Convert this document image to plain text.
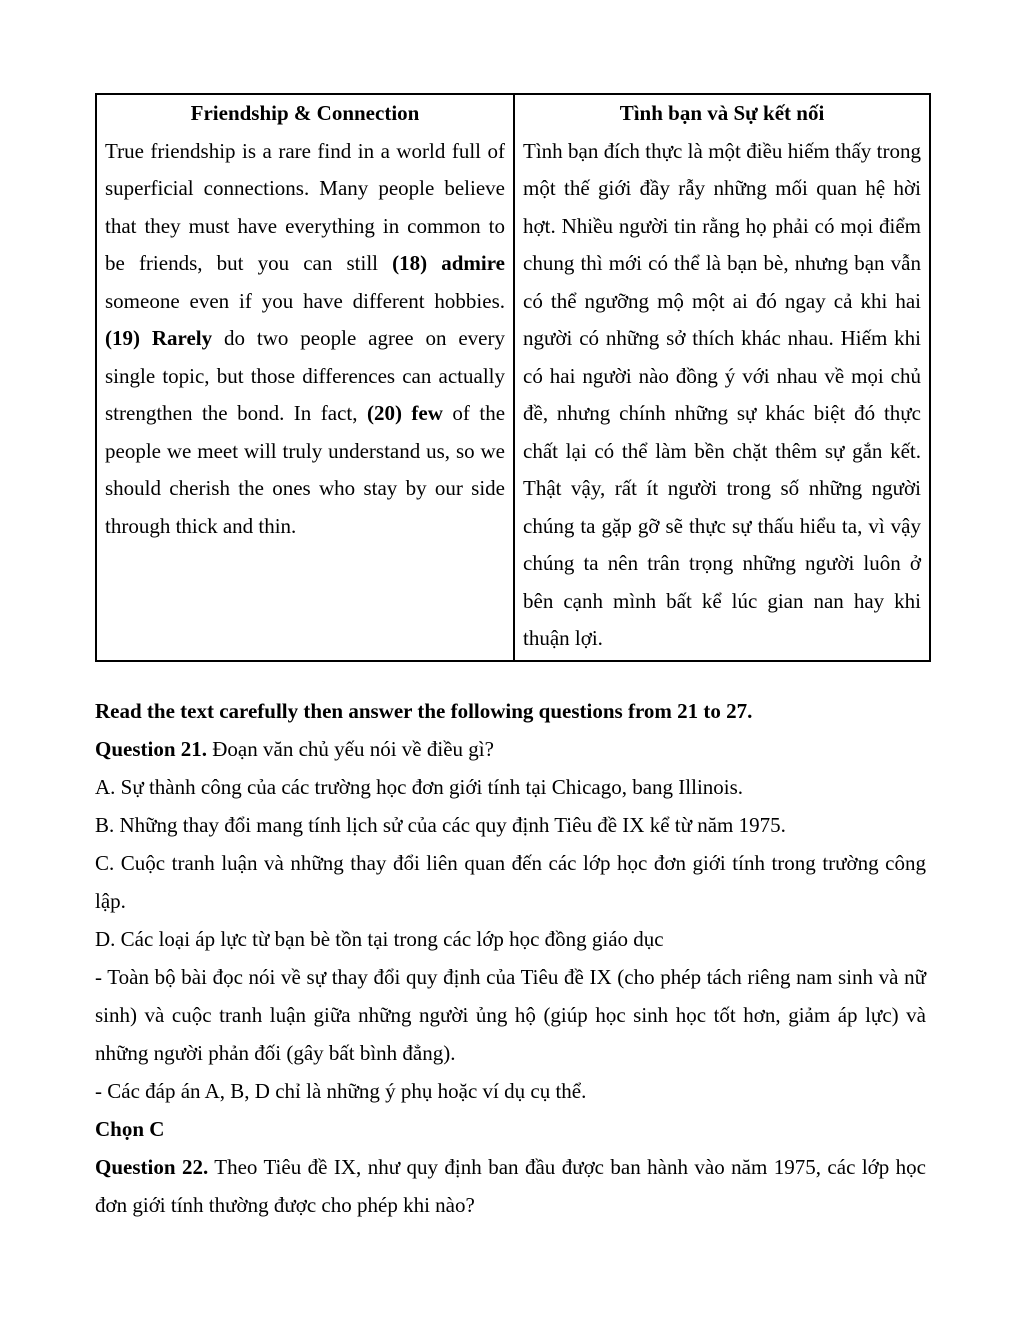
Friendship & Connection

True friendship is a rare find in a world full of superficial connections. Many people believe that they must have everything in common to be friends, but you can still (18) admire someone even if you have different hobbies. (19) Rarely do two people agree on every single topic, but those differences can actually strengthen the bond. In fact, (20) few of the people we meet will truly understand us, so we should cherish the ones who stay by our side through thick and thin.

Tình bạn và Sự kết nối

Tình bạn đích thực là một điều hiếm thấy trong một thế giới đầy rẫy những mối quan hệ hời hợt. Nhiều người tin rằng họ phải có mọi điểm chung thì mới có thể là bạn bè, nhưng bạn vẫn có thể ngưỡng mộ một ai đó ngay cả khi hai người có những sở thích khác nhau. Hiếm khi có hai người nào đồng ý với nhau về mọi chủ đề, nhưng chính những sự khác biệt đó thực chất lại có thể làm bền chặt thêm sự gắn kết. Thật vậy, rất ít người trong số những người chúng ta gặp gỡ sẽ thực sự thấu hiểu ta, vì vậy chúng ta nên trân trọng những người luôn ở bên cạnh mình bất kể lúc gian nan hay khi thuận lợi.

Read the text carefully then answer the following questions from 21 to 27.

Question 21. Đoạn văn chủ yếu nói về điều gì?

A. Sự thành công của các trường học đơn giới tính tại Chicago, bang Illinois.

B. Những thay đổi mang tính lịch sử của các quy định Tiêu đề IX kể từ năm 1975.

C. Cuộc tranh luận và những thay đổi liên quan đến các lớp học đơn giới tính trong trường công lập.

D. Các loại áp lực từ bạn bè tồn tại trong các lớp học đồng giáo dục

- Toàn bộ bài đọc nói về sự thay đổi quy định của Tiêu đề IX (cho phép tách riêng nam sinh và nữ sinh) và cuộc tranh luận giữa những người ủng hộ (giúp học sinh học tốt hơn, giảm áp lực) và những người phản đối (gây bất bình đẳng).

- Các đáp án A, B, D chỉ là những ý phụ hoặc ví dụ cụ thể.

Chọn C

Question 22. Theo Tiêu đề IX, như quy định ban đầu được ban hành vào năm 1975, các lớp học đơn giới tính thường được cho phép khi nào?
